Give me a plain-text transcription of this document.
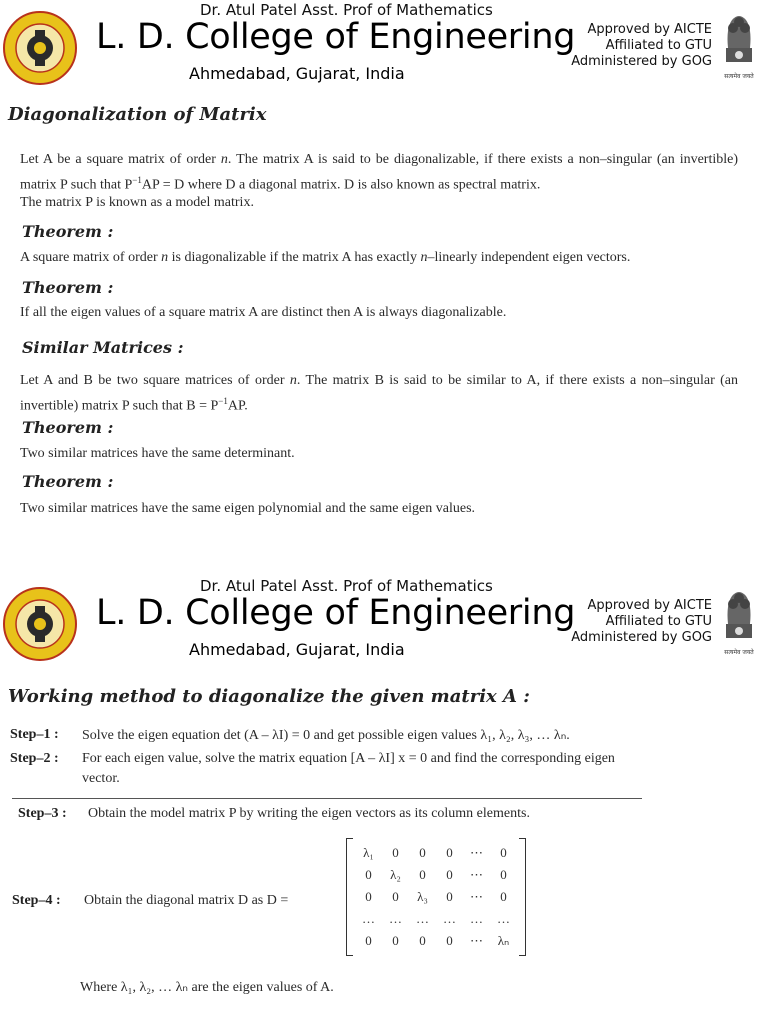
Dr. Atul Patel Asst. Prof of Mathematics
L. D. College of Engineering
Ahmedabad, Gujarat, India
Approved by AICTE
Affiliated to GTU
Administered by GOG
सत्यमेव जयते
Diagonalization of Matrix
Let A be a square matrix of order n. The matrix A is said to be diagonalizable, if there exists a non–singular (an invertible) matrix P such that $P^{-1}AP = D$ where D a diagonal matrix. D is also known as spectral matrix.
The matrix P is known as a model matrix.
Theorem :
A square matrix of order n is diagonalizable if the matrix A has exactly n–linearly independent eigen vectors.
Theorem :
If all the eigen values of a square matrix A are distinct then A is always diagonalizable.
Similar Matrices :
Let A and B be two square matrices of order n. The matrix B is said to be similar to A, if there exists a non–singular (an invertible) matrix P such that $B = P^{-1}AP$.
Theorem :
Two similar matrices have the same determinant.
Theorem :
Two similar matrices have the same eigen polynomial and the same eigen values.
Dr. Atul Patel Asst. Prof of Mathematics
L. D. College of Engineering
Ahmedabad, Gujarat, India
Approved by AICTE
Affiliated to GTU
Administered by GOG
सत्यमेव जयते
Working method to diagonalize the given matrix A :
Step–1 : Solve the eigen equation det (A – λI) = 0 and get possible eigen values λ₁, λ₂, λ₃, … λₙ.
Step–2 : For each eigen value, solve the matrix equation [A – λI] x = 0 and find the corresponding eigen
vector.
Step–3 : Obtain the model matrix P by writing the eigen vectors as its column elements.
Step–4 : Obtain the diagonal matrix D as D =
λ₁	0	0	0	⋯	0
0	λ₂	0	0	⋯	0
0	0	λ₃	0	⋯	0
…	…	…	…	…	…
0	0	0	0	⋯	λₙ
Where λ₁, λ₂, … λₙ are the eigen values of A.
